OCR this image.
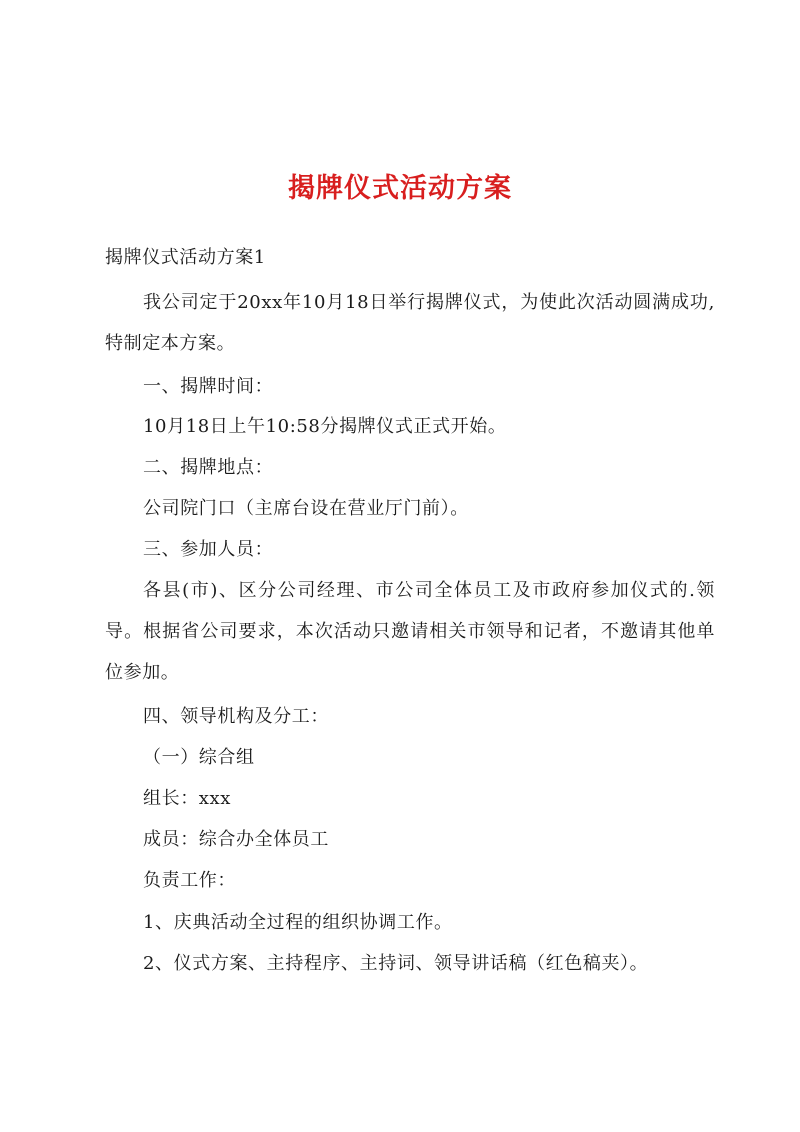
揭牌仪式活动方案
揭牌仪式活动方案1
我公司定于20xx年10月18日举行揭牌仪式，为使此次活动圆满成功,特制定本方案。
一、揭牌时间：
10月18日上午10:58分揭牌仪式正式开始。
二、揭牌地点：
公司院门口（主席台设在营业厅门前）。
三、参加人员：
各县(市)、区分公司经理、市公司全体员工及市政府参加仪式的.领导。根据省公司要求，本次活动只邀请相关市领导和记者，不邀请其他单位参加。
四、领导机构及分工：
（一）综合组
组长：xxx
成员：综合办全体员工
负责工作：
1、庆典活动全过程的组织协调工作。
2、仪式方案、主持程序、主持词、领导讲话稿（红色稿夹）。
